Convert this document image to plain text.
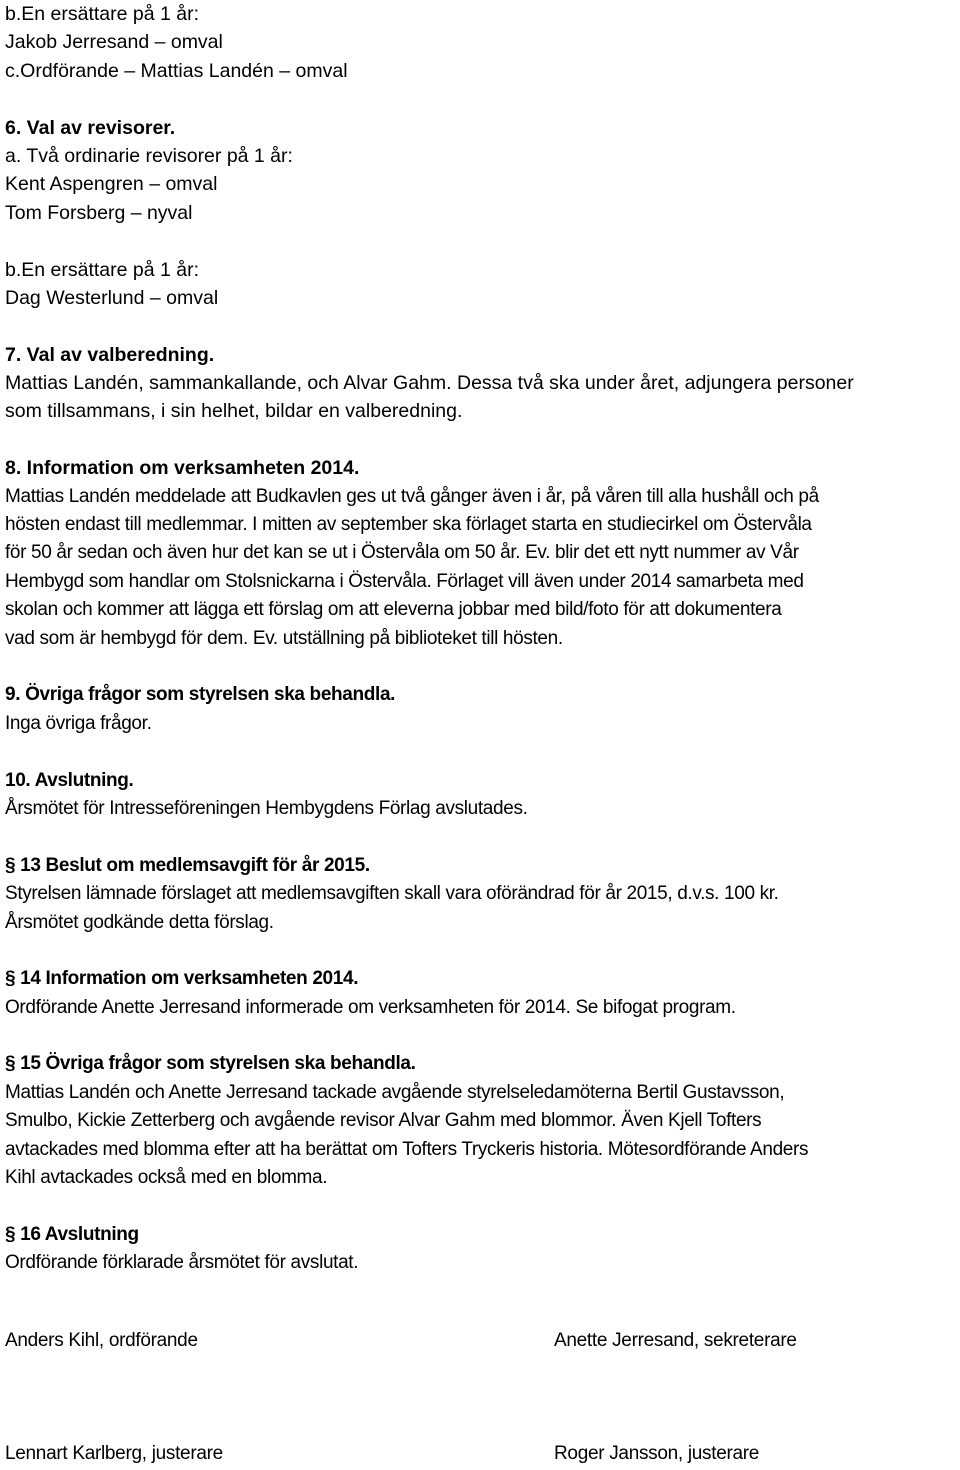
b.En ersättare på 1 år:
Jakob Jerresand – omval
c.Ordförande – Mattias Landén – omval
6. Val av revisorer.
a. Två ordinarie revisorer på 1 år:
Kent Aspengren – omval
Tom Forsberg – nyval
b.En ersättare på 1 år:
Dag Westerlund – omval
7. Val av valberedning.
Mattias Landén, sammankallande, och Alvar Gahm. Dessa två ska under året, adjungera personer
som tillsammans, i sin helhet, bildar en valberedning.
8. Information om verksamheten 2014.
Mattias Landén meddelade att Budkavlen ges ut två gånger även i år, på våren till alla hushåll och på
hösten endast till medlemmar. I mitten av september ska förlaget starta en studiecirkel om Östervåla
för 50 år sedan och även hur det kan se ut i Östervåla om 50 år. Ev. blir det ett nytt nummer av Vår
Hembygd som handlar om Stolsnickarna i Östervåla. Förlaget vill även under 2014 samarbeta med
skolan och kommer att lägga ett förslag om att eleverna jobbar med bild/foto för att dokumentera
vad som är hembygd för dem. Ev. utställning på biblioteket till hösten.
9. Övriga frågor som styrelsen ska behandla.
Inga övriga frågor.
10. Avslutning.
Årsmötet för Intresseföreningen Hembygdens Förlag avslutades.
§ 13 Beslut om medlemsavgift för år 2015.
Styrelsen lämnade förslaget att medlemsavgiften skall vara oförändrad för år 2015, d.v.s. 100 kr.
Årsmötet godkände detta förslag.
§ 14 Information om verksamheten 2014.
Ordförande Anette Jerresand informerade om verksamheten för 2014. Se bifogat program.
§ 15 Övriga frågor som styrelsen ska behandla.
Mattias Landén och Anette Jerresand tackade avgående styrelseledamöterna Bertil Gustavsson,
Smulbo, Kickie Zetterberg och avgående revisor Alvar Gahm med blommor. Även Kjell Tofters
avtackades med blomma efter att ha berättat om Tofters Tryckeris historia. Mötesordförande Anders
Kihl avtackades också med en blomma.
§ 16 Avslutning
Ordförande förklarade årsmötet för avslutat.
Anders Kihl, ordförande	Anette Jerresand, sekreterare
Lennart Karlberg, justerare	Roger Jansson, justerare
